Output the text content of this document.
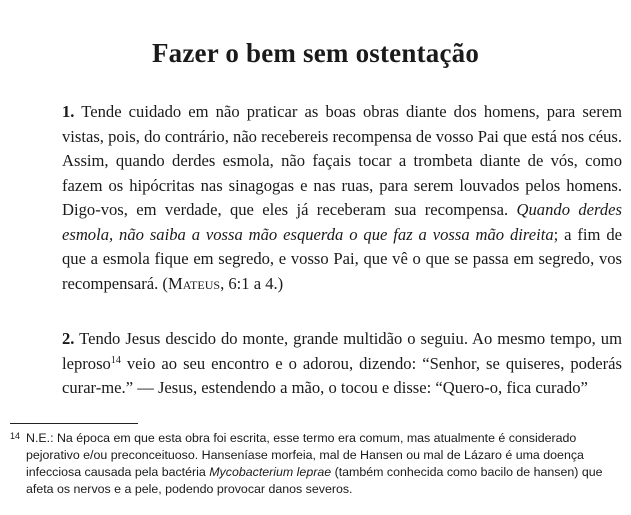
Fazer o bem sem ostentação

1. Tende cuidado em não praticar as boas obras diante dos homens, para serem vistas, pois, do contrário, não recebereis recompensa de vosso Pai que está nos céus. Assim, quando derdes esmola, não façais tocar a trombeta diante de vós, como fazem os hipócritas nas sinagogas e nas ruas, para serem louvados pelos homens. Digo-vos, em verdade, que eles já receberam sua recompensa. Quando derdes esmola, não saiba a vossa mão esquerda o que faz a vossa mão direita; a fim de que a esmola fique em segredo, e vosso Pai, que vê o que se passa em segredo, vos recompensará. (Mateus, 6:1 a 4.)

2. Tendo Jesus descido do monte, grande multidão o seguiu. Ao mesmo tempo, um leproso$^{14}$ veio ao seu encontro e o adorou, dizendo: “Senhor, se quiseres, poderás curar-me.” — Jesus, estendendo a mão, o tocou e disse: “Quero-o, fica curado”

14 N.E.: Na época em que esta obra foi escrita, esse termo era comum, mas atualmente é considerado pejorativo e/ou preconceituoso. Hanseníase morfeia, mal de Hansen ou mal de Lázaro é uma doença infecciosa causada pela bactéria Mycobacterium leprae (também conhecida como bacilo de hansen) que afeta os nervos e a pele, podendo provocar danos severos.
